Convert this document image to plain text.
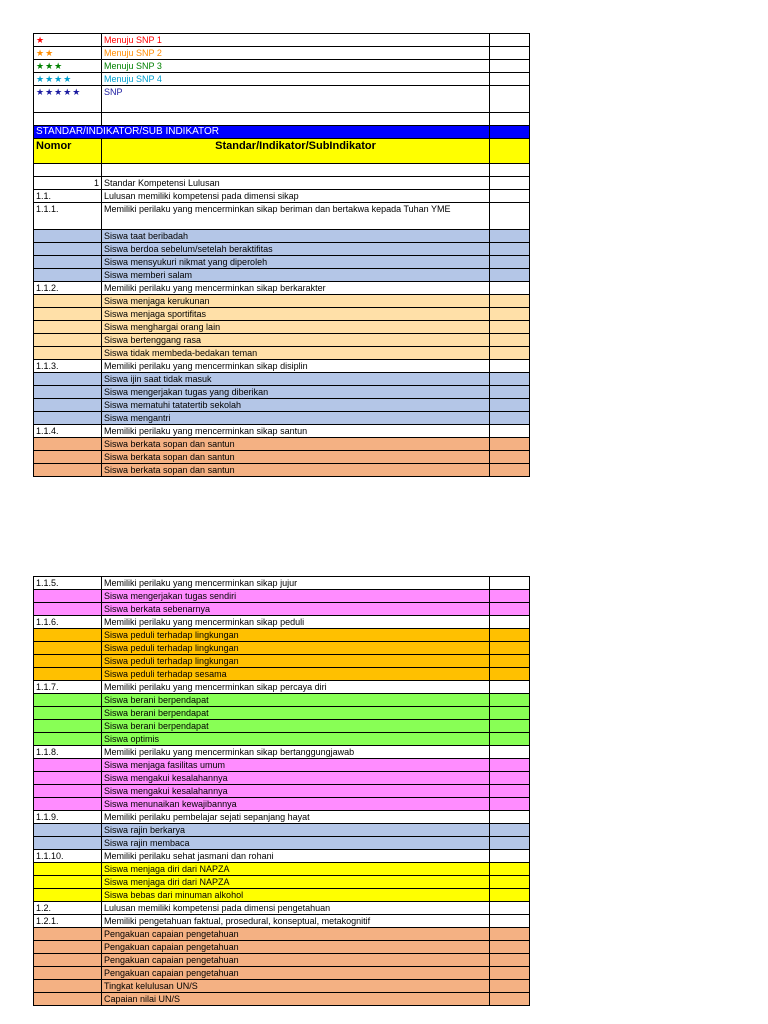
★	Menuju SNP 1	
★★	Menuju SNP 2	
★★★	Menuju SNP 3	
★★★★	Menuju SNP 4	
★★★★★	SNP	

STANDAR/INDIKATOR/SUB INDIKATOR		
Nomor	Standar/Indikator/SubIndikator	

1	Standar Kompetensi Lulusan	
1.1.	Lulusan memiliki kompetensi pada dimensi sikap	
1.1.1.	Memiliki perilaku yang mencerminkan sikap beriman dan bertakwa kepada Tuhan YME	
	Siswa taat beribadah	
	Siswa berdoa sebelum/setelah beraktifitas	
	Siswa mensyukuri nikmat yang diperoleh	
	Siswa memberi salam	
1.1.2.	Memiliki perilaku yang mencerminkan sikap berkarakter	
	Siswa menjaga kerukunan	
	Siswa menjaga sportifitas	
	Siswa menghargai orang lain	
	Siswa bertenggang rasa	
	Siswa tidak membeda-bedakan teman	
1.1.3.	Memiliki perilaku yang mencerminkan sikap disiplin	
	Siswa ijin saat tidak masuk	
	Siswa mengerjakan tugas yang diberikan	
	Siswa mematuhi tatatertib sekolah	
	Siswa mengantri	
1.1.4.	Memiliki perilaku yang mencerminkan sikap santun	
	Siswa berkata sopan dan santun	
	Siswa berkata sopan dan santun	
	Siswa berkata sopan dan santun	
1.1.5.	Memiliki perilaku yang mencerminkan sikap jujur	
	Siswa mengerjakan tugas sendiri	
	Siswa berkata sebenarnya	
1.1.6.	Memiliki perilaku yang mencerminkan sikap peduli	
	Siswa peduli terhadap lingkungan	
	Siswa peduli terhadap lingkungan	
	Siswa peduli terhadap lingkungan	
	Siswa peduli terhadap sesama	
1.1.7.	Memiliki perilaku yang mencerminkan sikap percaya diri	
	Siswa berani berpendapat	
	Siswa berani berpendapat	
	Siswa berani berpendapat	
	Siswa optimis	
1.1.8.	Memiliki perilaku yang mencerminkan sikap bertanggungjawab	
	Siswa menjaga fasilitas umum	
	Siswa mengakui kesalahannya	
	Siswa mengakui kesalahannya	
	Siswa menunaikan kewajibannya	
1.1.9.	Memiliki perilaku pembelajar sejati sepanjang hayat	
	Siswa rajin berkarya	
	Siswa rajin membaca	
1.1.10.	Memiliki perilaku sehat jasmani dan rohani	
	Siswa menjaga diri dari NAPZA	
	Siswa menjaga diri dari NAPZA	
	Siswa bebas dari minuman alkohol	
1.2.	Lulusan memiliki kompetensi pada dimensi pengetahuan	
1.2.1.	Memiliki pengetahuan faktual, prosedural, konseptual, metakognitif	
	Pengakuan capaian pengetahuan	
	Pengakuan capaian pengetahuan	
	Pengakuan capaian pengetahuan	
	Pengakuan capaian pengetahuan	
	Tingkat kelulusan UN/S	
	Capaian nilai UN/S	
